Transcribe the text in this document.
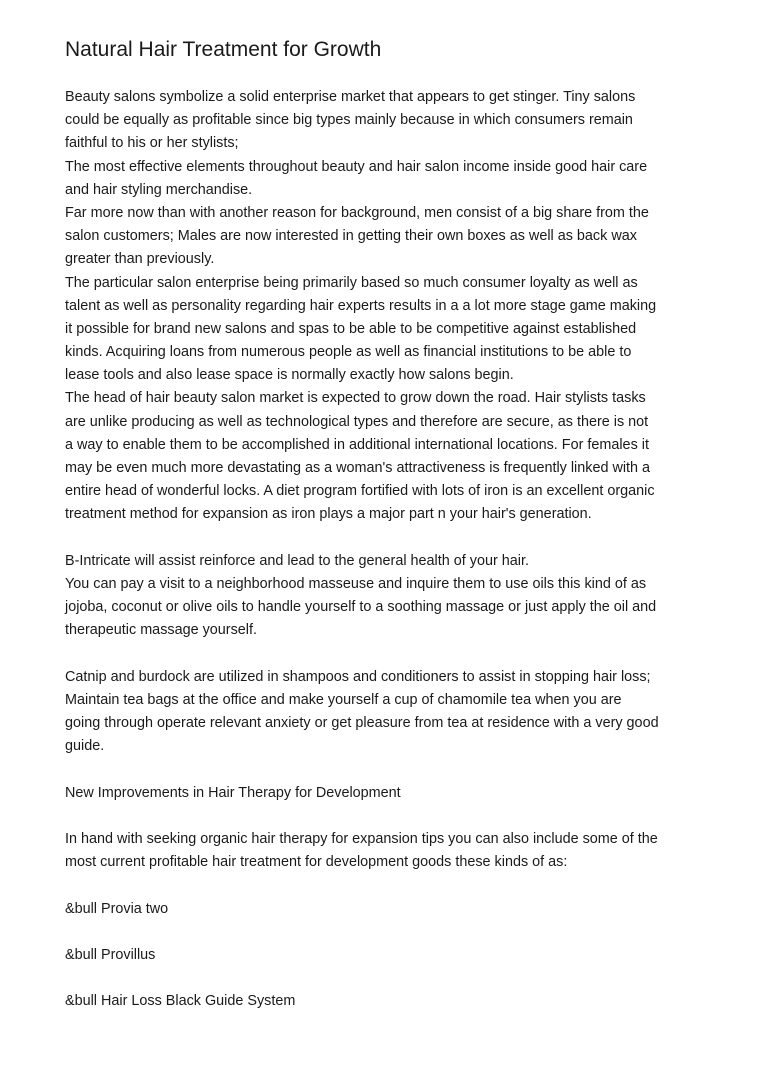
Natural Hair Treatment for Growth
Beauty salons symbolize a solid enterprise market that appears to get stinger. Tiny salons
could be equally as profitable since big types mainly because in which consumers remain
faithful to his or her stylists;
The most effective elements throughout beauty and hair salon income inside good hair care
and hair styling merchandise.
Far more now than with another reason for background, men consist of a big share from the
salon customers; Males are now interested in getting their own boxes as well as back wax
greater than previously.
The particular salon enterprise being primarily based so much consumer loyalty as well as
talent as well as personality regarding hair experts results in a a lot more stage game making
it possible for brand new salons and spas to be able to be competitive against established
kinds. Acquiring loans from numerous people as well as financial institutions to be able to
lease tools and also lease space is normally exactly how salons begin.
The head of hair beauty salon market is expected to grow down the road. Hair stylists tasks
are unlike producing as well as technological types and therefore are secure, as there is not
a way to enable them to be accomplished in additional international locations. For females it
may be even much more devastating as a woman's attractiveness is frequently linked with a
entire head of wonderful locks. A diet program fortified with lots of iron is an excellent organic
treatment method for expansion as iron plays a major part n your hair's generation.
B-Intricate will assist reinforce and lead to the general health of your hair.
You can pay a visit to a neighborhood masseuse and inquire them to use oils this kind of as
jojoba, coconut or olive oils to handle yourself to a soothing massage or just apply the oil and
therapeutic massage yourself.
Catnip and burdock are utilized in shampoos and conditioners to assist in stopping hair loss;
Maintain tea bags at the office and make yourself a cup of chamomile tea when you are
going through operate relevant anxiety or get pleasure from tea at residence with a very good
guide.
New Improvements in Hair Therapy for Development
In hand with seeking organic hair therapy for expansion tips you can also include some of the
most current profitable hair treatment for development goods these kinds of as:
&bull Provia two
&bull Provillus
&bull Hair Loss Black Guide System
